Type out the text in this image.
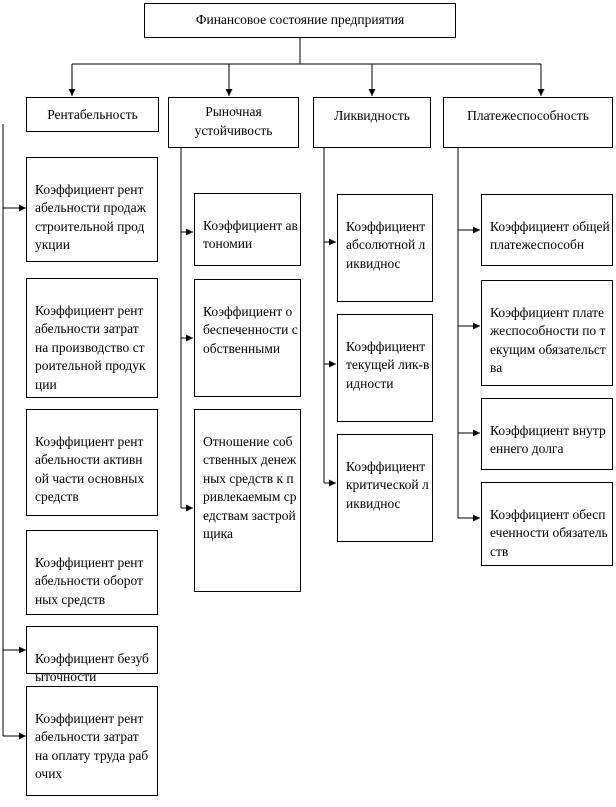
Финансовое состояние предприятия
Рентабельность	Рыночная устойчивость
Ликвидность	Платежеспособность

Коэффициент рентабельности продаж строительной продукции

Коэффициент рентабельности затрат на производство строительной продукции

Коэффициент рентабельности активной части основных средств

Коэффициент рентабельности оборотных средств

Коэффициент безубыточности

Коэффициент рентабельности затрат на оплату труда рабочих

Коэффициент автономии

Коэффициент обеспеченности собственными

Отношение собственных денежных средств к привлекаемым средствам застройщика

Коэффициент абсолютной ликвиднос

Коэффициент текущей лик-видности

Коэффициент критической ликвиднос

Коэффициент общей платежеспособн

Коэффициент платежеспособности по текущим обязательства

Коэффициент внутреннего долга

Коэффициент обеспеченности обязательств
